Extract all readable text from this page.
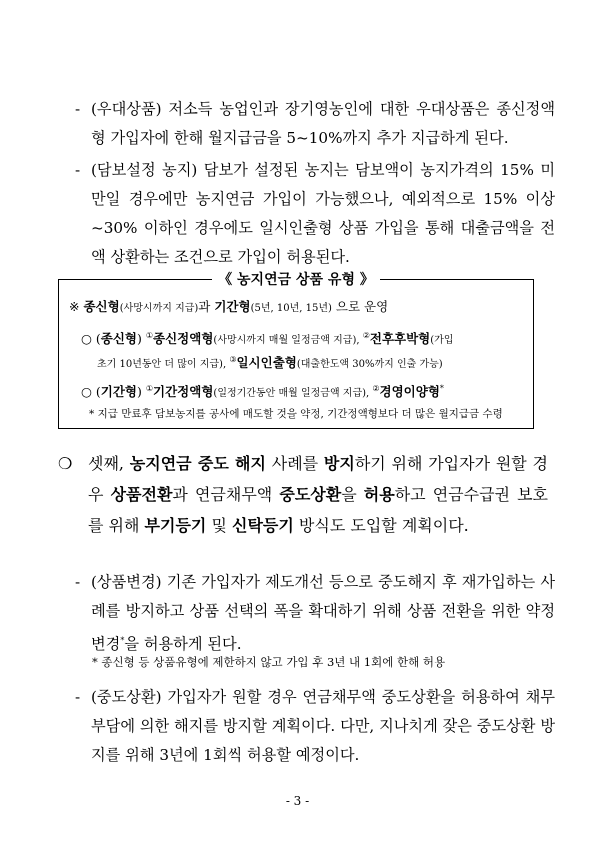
- (우대상품) 저소득 농업인과 장기영농인에 대한 우대상품은 종신정액형 가입자에 한해 월지급금을 5~10%까지 추가 지급하게 된다.
- (담보설정 농지) 담보가 설정된 농지는 담보액이 농지가격의 15% 미만일 경우에만 농지연금 가입이 가능했으나, 예외적으로 15% 이상~30% 이하인 경우에도 일시인출형 상품 가입을 통해 대출금액을 전액 상환하는 조건으로 가입이 허용된다.
《 농지연금 상품 유형 》
※ 종신형(사망시까지 지급)과 기간형(5년, 10년, 15년) 으로 운영
○ (종신형) ①종신정액형(사망시까지 매월 일정금액 지급), ②전후후박형(가입
초기 10년동안 더 많이 지급), ③일시인출형(대출한도액 30%까지 인출 가능)
○ (기간형) ①기간정액형(일정기간동안 매월 일정금액 지급), ②경영이양형*
* 지급 만료후 담보농지를 공사에 매도할 것을 약정, 기간정액형보다 더 많은 월지급금 수령
❍ 셋째, 농지연금 중도 해지 사례를 방지하기 위해 가입자가 원할 경우 상품전환과 연금채무액 중도상환을 허용하고 연금수급권 보호를 위해 부기등기 및 신탁등기 방식도 도입할 계획이다.
- (상품변경) 기존 가입자가 제도개선 등으로 중도해지 후 재가입하는 사례를 방지하고 상품 선택의 폭을 확대하기 위해 상품 전환을 위한 약정 변경*을 허용하게 된다.
* 종신형 등 상품유형에 제한하지 않고 가입 후 3년 내 1회에 한해 허용
- (중도상환) 가입자가 원할 경우 연금채무액 중도상환을 허용하여 채무부담에 의한 해지를 방지할 계획이다. 다만, 지나치게 잦은 중도상환 방지를 위해 3년에 1회씩 허용할 예정이다.
- 3 -
